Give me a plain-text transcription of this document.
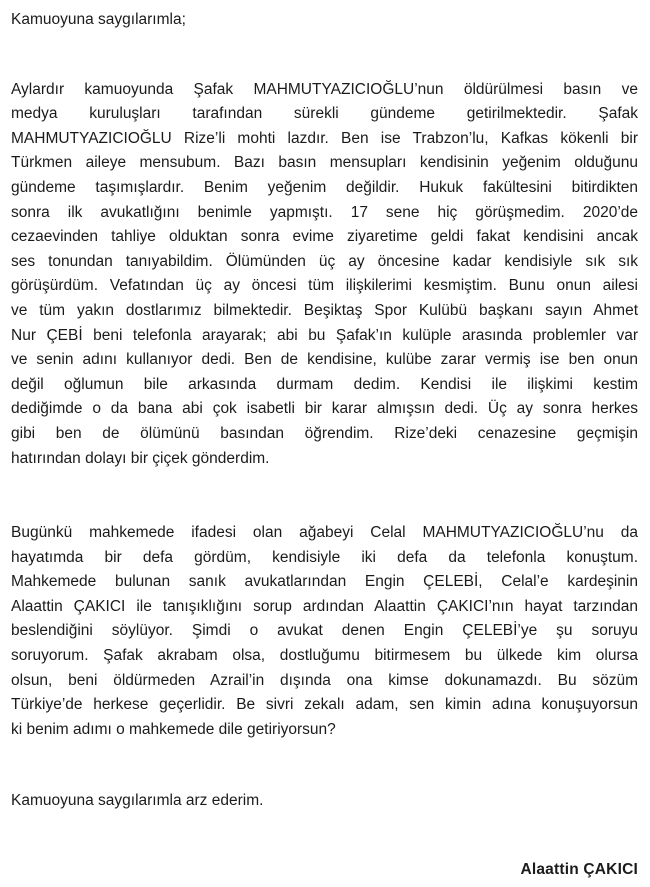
Kamuoyuna saygılarımla;
Aylardır kamuoyunda Şafak MAHMUTYAZICIOĞLU’nun öldürülmesi basın ve
medya kuruluşları tarafından sürekli gündeme getirilmektedir. Şafak
MAHMUTYAZICIOĞLU Rize’li mohti lazdır. Ben ise Trabzon’lu, Kafkas kökenli bir
Türkmen aileye mensubum. Bazı basın mensupları kendisinin yeğenim olduğunu
gündeme taşımışlardır. Benim yeğenim değildir. Hukuk fakültesini bitirdikten
sonra ilk avukatlığını benimle yapmıştı. 17 sene hiç görüşmedim. 2020’de
cezaevinden tahliye olduktan sonra evime ziyaretime geldi fakat kendisini ancak
ses tonundan tanıyabildim. Ölümünden üç ay öncesine kadar kendisiyle sık sık
görüşürdüm. Vefatından üç ay öncesi tüm ilişkilerimi kesmiştim. Bunu onun ailesi
ve tüm yakın dostlarımız bilmektedir. Beşiktaş Spor Kulübü başkanı sayın Ahmet
Nur ÇEBİ beni telefonla arayarak; abi bu Şafak’ın kulüple arasında problemler var
ve senin adını kullanıyor dedi. Ben de kendisine, kulübe zarar vermiş ise ben onun
değil oğlumun bile arkasında durmam dedim. Kendisi ile ilişkimi kestim
dediğimde o da bana abi çok isabetli bir karar almışsın dedi. Üç ay sonra herkes
gibi ben de ölümünü basından öğrendim. Rize’deki cenazesine geçmişin
hatırından dolayı bir çiçek gönderdim.
Bugünkü mahkemede ifadesi olan ağabeyi Celal MAHMUTYAZICIOĞLU’nu da
hayatımda bir defa gördüm, kendisiyle iki defa da telefonla konuştum.
Mahkemede bulunan sanık avukatlarından Engin ÇELEBİ, Celal’e kardeşinin
Alaattin ÇAKICI ile tanışıklığını sorup ardından Alaattin ÇAKICI’nın hayat tarzından
beslendiğini söylüyor. Şimdi o avukat denen Engin ÇELEBİ’ye şu soruyu
soruyorum. Şafak akrabam olsa, dostluğumu bitirmesem bu ülkede kim olursa
olsun, beni öldürmeden Azrail’in dışında ona kimse dokunamazdı. Bu sözüm
Türkiye’de herkese geçerlidir. Be sivri zekalı adam, sen kimin adına konuşuyorsun
ki benim adımı o mahkemede dile getiriyorsun?
Kamuoyuna saygılarımla arz ederim.
Alaattin ÇAKICI
